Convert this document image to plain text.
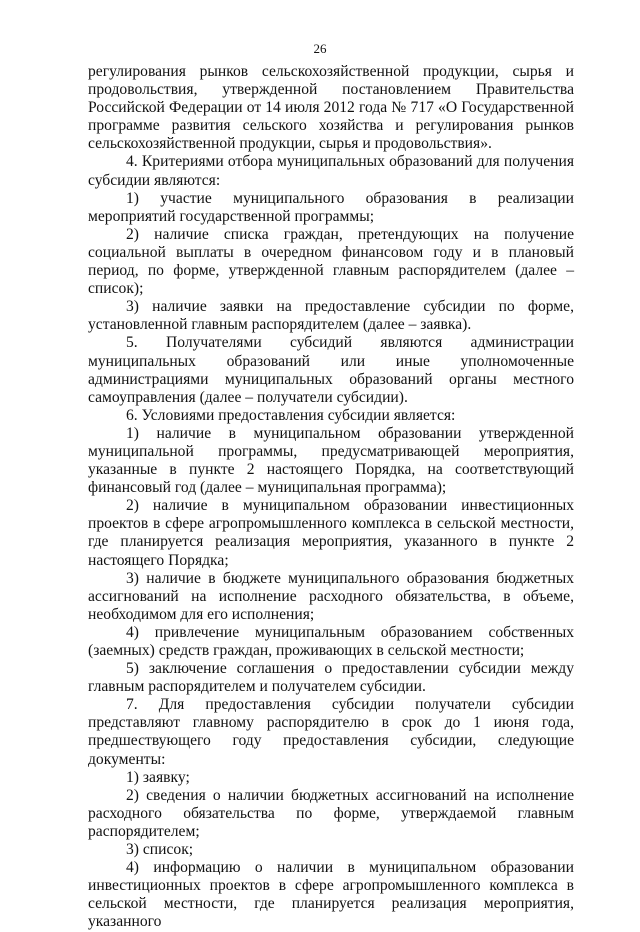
26

регулирования рынков сельскохозяйственной продукции, сырья и продовольствия, утвержденной постановлением Правительства Российской Федерации от 14 июля 2012 года № 717 «О Государственной программе развития сельского хозяйства и регулирования рынков сельскохозяйственной продукции, сырья и продовольствия».

4. Критериями отбора муниципальных образований для получения субсидии являются:

1) участие муниципального образования в реализации мероприятий государственной программы;

2) наличие списка граждан, претендующих на получение социальной выплаты в очередном финансовом году и в плановый период, по форме, утвержденной главным распорядителем (далее – список);

3) наличие заявки на предоставление субсидии по форме, установленной главным распорядителем (далее – заявка).

5. Получателями субсидий являются администрации муниципальных образований или иные уполномоченные администрациями муниципальных образований органы местного самоуправления (далее – получатели субсидии).

6. Условиями предоставления субсидии является:

1) наличие в муниципальном образовании утвержденной муниципальной программы, предусматривающей мероприятия, указанные в пункте 2 настоящего Порядка, на соответствующий финансовый год (далее – муниципальная программа);

2) наличие в муниципальном образовании инвестиционных проектов в сфере агропромышленного комплекса в сельской местности, где планируется реализация мероприятия, указанного в пункте 2 настоящего Порядка;

3) наличие в бюджете муниципального образования бюджетных ассигнований на исполнение расходного обязательства, в объеме, необходимом для его исполнения;

4) привлечение муниципальным образованием собственных (заемных) средств граждан, проживающих в сельской местности;

5) заключение соглашения о предоставлении субсидии между главным распорядителем и получателем субсидии.

7. Для предоставления субсидии получатели субсидии представляют главному распорядителю в срок до 1 июня года, предшествующего году предоставления субсидии, следующие документы:

1) заявку;

2) сведения о наличии бюджетных ассигнований на исполнение расходного обязательства по форме, утверждаемой главным распорядителем;

3) список;

4) информацию о наличии в муниципальном образовании инвестиционных проектов в сфере агропромышленного комплекса в сельской местности, где планируется реализация мероприятия, указанного
